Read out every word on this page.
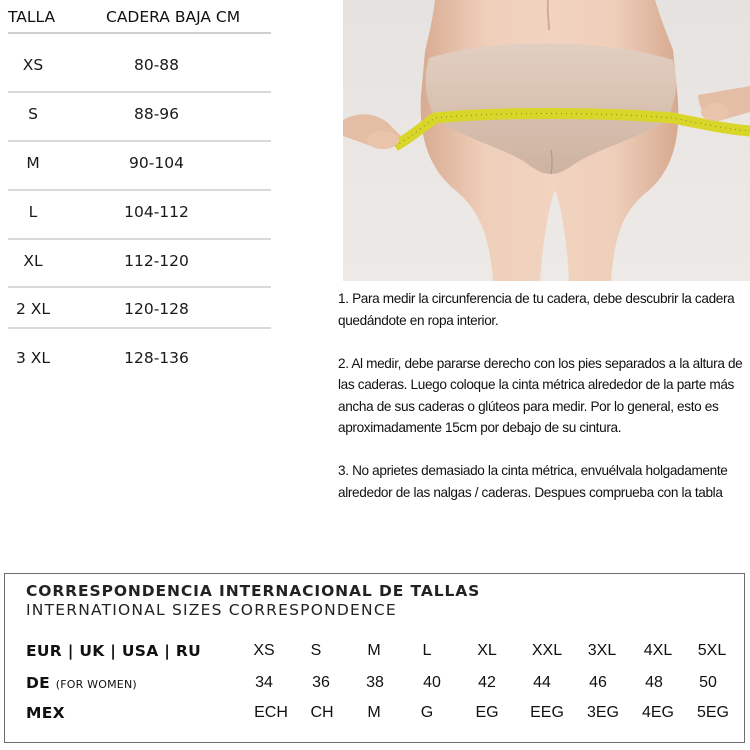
TALLA	CADERA BAJA CM
XS	80-88
S	88-96
M	90-104
L	104-112
XL	112-120
2 XL	120-128
3 XL	128-136

1. Para medir la circunferencia de tu cadera, debe descubrir la cadera quedándote en ropa interior.

2. Al medir, debe pararse derecho con los pies separados a la altura de las caderas. Luego coloque la cinta métrica alrededor de la parte más ancha de sus caderas o glúteos para medir. Por lo general, esto es aproximadamente 15cm por debajo de su cintura.

3. No aprietes demasiado la cinta métrica, envuélvala holgadamente alrededor de las nalgas / caderas. Despues comprueba con la tabla

CORRESPONDENCIA INTERNACIONAL DE TALLAS
INTERNATIONAL SIZES CORRESPONDENCE
EUR | UK | USA | RU	XS	S	M	L	XL	XXL	3XL	4XL	5XL
DE (FOR WOMEN)	34	36	38	40	42	44	46	48	50
MEX	ECH	CH	M	G	EG	EEG	3EG	4EG	5EG
